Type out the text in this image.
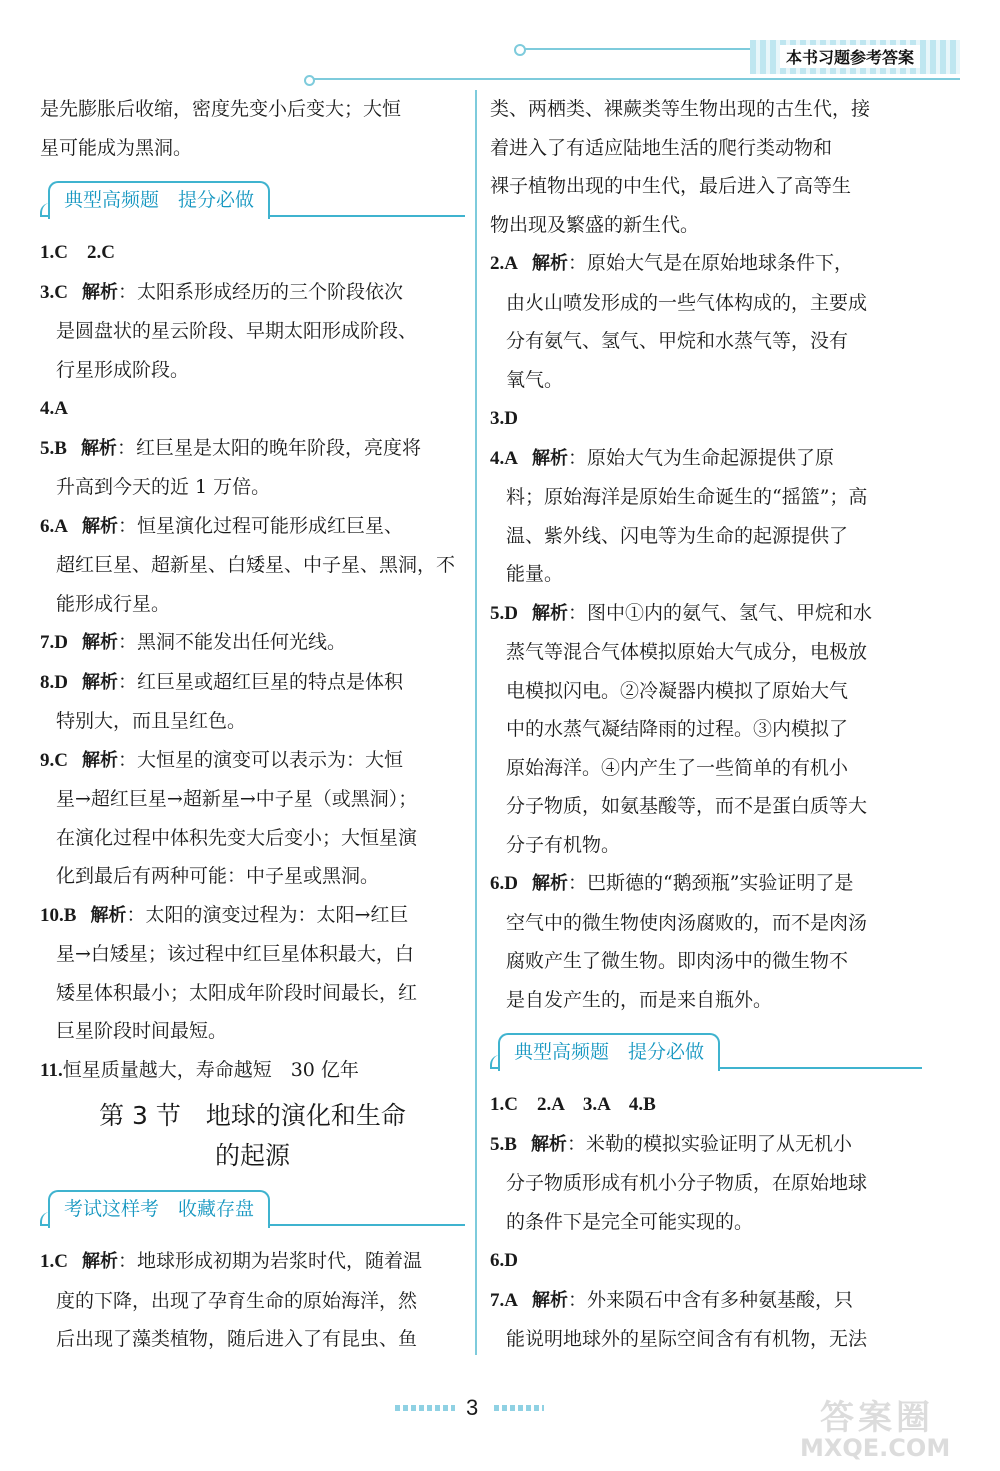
本书习题参考答案
是先膨胀后收缩，密度先变小后变大；大恒
星可能成为黑洞。
典型高频题　提分必做
1.C　2.C
3.C 解析：太阳系形成经历的三个阶段依次
是圆盘状的星云阶段、早期太阳形成阶段、
行星形成阶段。
4.A
5.B 解析：红巨星是太阳的晚年阶段，亮度将
升高到今天的近 1 万倍。
6.A 解析：恒星演化过程可能形成红巨星、
超红巨星、超新星、白矮星、中子星、黑洞，不
能形成行星。
7.D 解析：黑洞不能发出任何光线。
8.D 解析：红巨星或超红巨星的特点是体积
特别大，而且呈红色。
9.C 解析：大恒星的演变可以表示为：大恒
星→超红巨星→超新星→中子星（或黑洞）；
在演化过程中体积先变大后变小；大恒星演
化到最后有两种可能：中子星或黑洞。
10.B 解析：太阳的演变过程为：太阳→红巨
星→白矮星；该过程中红巨星体积最大，白
矮星体积最小；太阳成年阶段时间最长，红
巨星阶段时间最短。
11.恒星质量越大，寿命越短　30 亿年
第 3 节　地球的演化和生命
的起源
考试这样考　收藏存盘
1.C 解析：地球形成初期为岩浆时代，随着温
度的下降，出现了孕育生命的原始海洋，然
后出现了藻类植物，随后进入了有昆虫、鱼
类、两栖类、裸蕨类等生物出现的古生代，接
着进入了有适应陆地生活的爬行类动物和
裸子植物出现的中生代，最后进入了高等生
物出现及繁盛的新生代。
2.A 解析：原始大气是在原始地球条件下，
由火山喷发形成的一些气体构成的，主要成
分有氨气、氢气、甲烷和水蒸气等，没有
氧气。
3.D
4.A 解析：原始大气为生命起源提供了原
料；原始海洋是原始生命诞生的“摇篮”；高
温、紫外线、闪电等为生命的起源提供了
能量。
5.D 解析：图中①内的氨气、氢气、甲烷和水
蒸气等混合气体模拟原始大气成分，电极放
电模拟闪电。②冷凝器内模拟了原始大气
中的水蒸气凝结降雨的过程。③内模拟了
原始海洋。④内产生了一些简单的有机小
分子物质，如氨基酸等，而不是蛋白质等大
分子有机物。
6.D 解析：巴斯德的“鹅颈瓶”实验证明了是
空气中的微生物使肉汤腐败的，而不是肉汤
腐败产生了微生物。即肉汤中的微生物不
是自发产生的，而是来自瓶外。
典型高频题　提分必做
1.C　2.A　3.A　4.B
5.B 解析：米勒的模拟实验证明了从无机小
分子物质形成有机小分子物质，在原始地球
的条件下是完全可能实现的。
6.D
7.A 解析：外来陨石中含有多种氨基酸，只
能说明地球外的星际空间含有有机物，无法
3	答案圈
MXQE.COM
